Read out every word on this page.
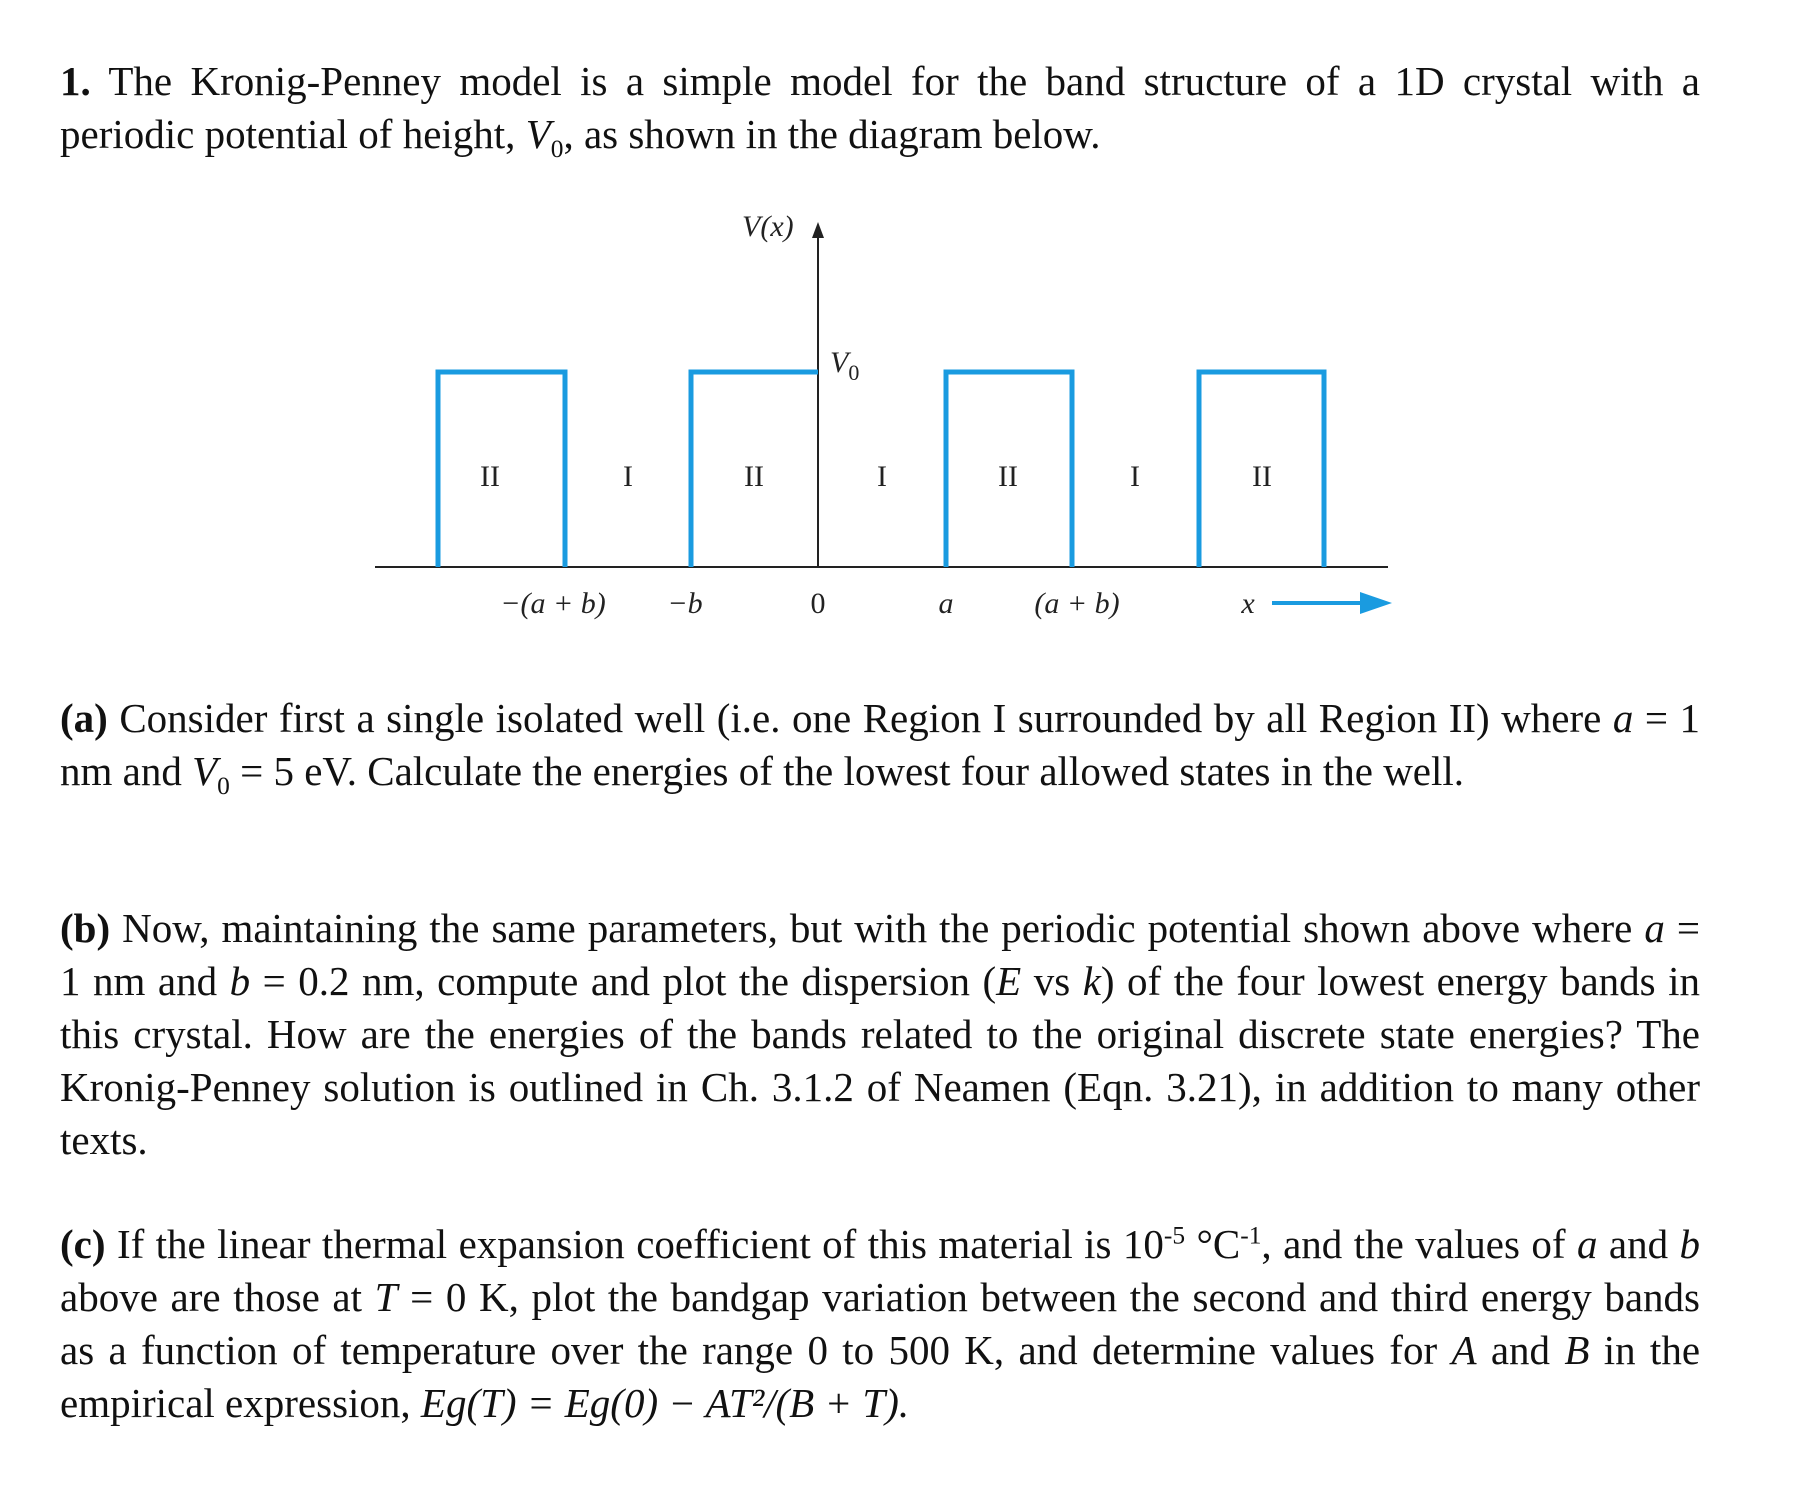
1. The Kronig-Penney model is a simple model for the band structure of a 1D crystal with a periodic potential of height, $V_0$, as shown in the diagram below.
V(x)
$V_0$
II	I	II	I	II	I	II
−(a + b) −b	0	a	(a + b)	x
(a) Consider first a single isolated well (i.e. one Region I surrounded by all Region II) where a = 1 nm and $V_0 = 5$ eV. Calculate the energies of the lowest four allowed states in the well.
(b) Now, maintaining the same parameters, but with the periodic potential shown above where a = 1 nm and b = 0.2 nm, compute and plot the dispersion (E vs k) of the four lowest energy bands in this crystal. How are the energies of the bands related to the original discrete state energies? The Kronig-Penney solution is outlined in Ch. 3.1.2 of Neamen (Eqn. 3.21), in addition to many other texts.
(c) If the linear thermal expansion coefficient of this material is $10^{-5}$ $^\circ C^{-1}$, and the values of a and b above are those at T = 0 K, plot the bandgap variation between the second and third energy bands as a function of temperature over the range 0 to 500 K, and determine values for A and B in the empirical expression, Eg(T) = Eg(0) − AT²/(B + T).
